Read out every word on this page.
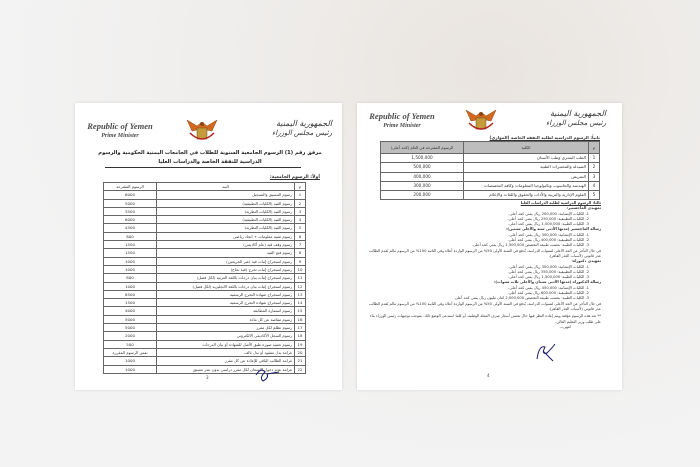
Republic of Yemen
Prime Minister
الجمهورية اليمنية
رئيس مجلس الوزراء
مرفق رقم (1) الرسوم الجامعية السنوية للطلاب في الجامعات اليمنية الحكومية والرسوم
الدراسية للنفقة الخاصة والدراسات العليا
أولاً: الرسوم الجامعية:
م	البند	الرسوم المقترحة
1	رسوم التنسيق والتسجيل	6000
2	رسوم القيد (الكليات التطبيقية)	5000
3	رسوم القيد (الكليات النظرية)	3500
4	رسوم القيد (الكليات التطبيقية)	6000
5	رسوم القيد (الكليات النظرية)	4500
6	رسوم تقنية معلومات + اتحاد رياضي	800
7	رسوم وقف قيد (عام أكاديمي)	1500
8	رسوم فتح القيد	1500
9	رسوم استخراج إثبات قيد (غير الخريجين)	1000
10	رسوم استخراج إثبات تخرج (قيد نجاح)	1000
11	رسوم استخراج إثبات بيان درجات باللغة العربية (لكل فصل)	800
12	رسوم استخراج إثبات بيان درجات باللغة الانجليزية (لكل فصل)	1000
13	رسوم استخراج شهادة التخرج الرسمية	8500
14	رسوم استخراج شهادة التخرج الرسمية	1500
15	رسوم استمارة المطابقة	4000
16	رسوم مقاصة عن كل مادة	5000
17	رسوم تظلم لكل مقرر	5000
18	رسوم السجل الأكاديمي الالكتروني	2000
19	رسوم تعميد صورة طبق الأصل للشهادة أو بيان الدرجات	500
20	غرامة بدل مفقود أو بدل تالف	نفس الرسوم المقررة
21	غرامة الطالب الباقي للإعادة عن كل مقرر	1000
22	غرامة عدم دخول الامتحان لكل مقرر دراسي بدون عذر مسبق	1000
3
Republic of Yemen
Prime Minister
الجمهورية اليمنية
رئيس مجلس الوزراء
ثانياً: الرسوم الدراسية لطلبة النفقة الخاصة (الموازي)
م	الكلية	الرسوم المقترحة في العام (كحد أعلى)
1	الطب البشري وطب الأسنان	1,500,000
2	الصيدلة والمختبرات الطبية	500,000
3	التمريض	400,000
4	الهندسة والحاسوب وتكنولوجيا المعلومات وكافة التخصصات	300,000
5	العلوم الإدارية والتربية والآداب والحقوق واللغات والإعلام	200,000
ثالثاً: الرسوم الدراسية لطلبة الدراسات العليا
تمهيدي الماجستير:
1. الكليات الإنسانية: 200,000 ريال يمني كحد أعلى.
2. الكليات التطبيقية: 250,000 ريال يمني كحد أعلى.
3. الكليات الطبية: 1,000,000 ريال يمني كحد أعلى.
رسالة الماجستير (مدتها الأدنى سنة والأعلى سنتين):
1. الكليات الإنسانية: 300,000 ريال يمني كحد أعلى.
2. الكليات التطبيقية: 400,000 ريال يمني كحد أعلى.
3. الكليات الطبية: بحسب طبيعة التخصص 1,500,000 ريال يمني كحد أعلى.
في حال التأخر عن الحد الأعلى لسنوات الدراسة، يُدفع في السنة الأولى 50% من الرسوم الواردة أعلاه وفي الثانية 100% من الرسوم مالم يُقدم الطالب عذر قانوني (لأسباب العذر القاهر).
تمهيدي دكتوراه:
1. الكليات الإنسانية: 300,000 ريال يمني كحد أعلى.
2. الكليات التطبيقية: 350,000 ريال يمني كحد أعلى.
3. الكليات الطبية: 1,500,000 ريال يمني كحد أعلى.
رسالة الدكتوراه (مدتها الأدنى سنتان والأعلى ثلاث سنوات):
1. الكليات الإنسانية: 450,000 ريال يمني كحد أعلى.
2. الكليات التطبيقية: 600,000 ريال يمني كحد أعلى.
3. الكليات الطبية: بحسب طبيعة التخصص 2,000,000 اثنان مليون ريال يمني كحد أعلى.
في حال التأخر عن الحد الأعلى لسنوات الدراسة، يُدفع في السنة الأولى 50% من الرسوم الواردة أعلاه وفي الثانية 100% من الرسوم مالم يُقدم الطالب عذر قانوني (لأسباب العذر القاهر).
** تعد هذه الرسوم مؤقتة ويتم إعادة النظر فيها حال تحسن أسعار صرف العملة الوطنية، أو كلما استدعى الوضع ذلك، بموجب توجيهات رئيس الوزراء بناء على طلب وزير التعليم العالي.
انتهى،،،
4
